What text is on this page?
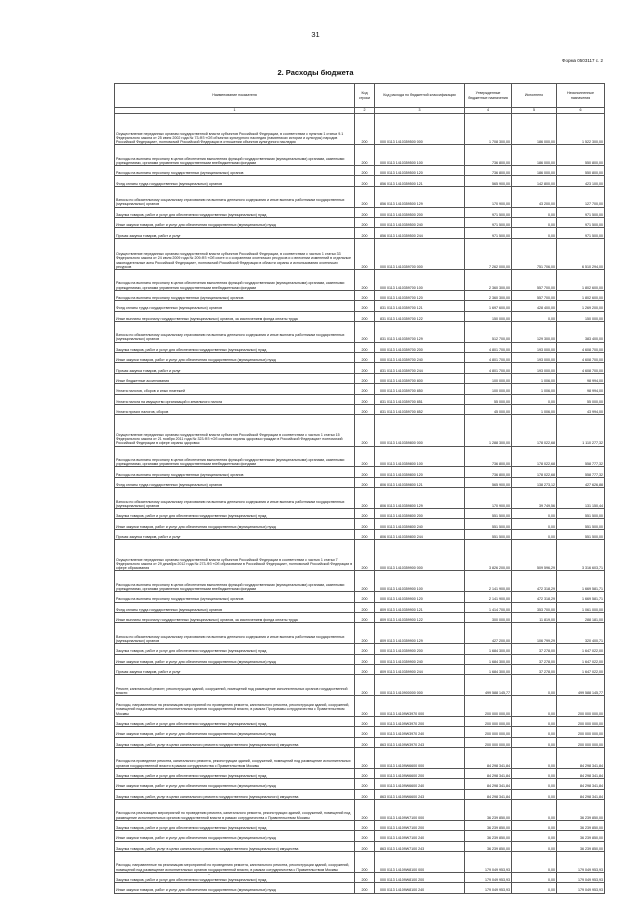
31
Форма 0503117 с. 2
2. Расходы бюджета
Наименование показателя	Код строки	Код расхода по бюджетной классификации	Утвержденные бюджетные назначения	Исполнено	Неисполненные назначения
1	2	3	4	5	6
Осуществление переданных органам государственной власти субъектов Российской Федерации, в соответствии с пунктом 1 статьи 9.1 Федерального закона от 25 июня 2002 года № 73-ФЗ «Об объектах культурного наследия (памятниках истории и культуры) народов Российской Федерации», полномочий Российской Федерации в отношении объектов культурного наследия	200	000 0113 1410359500 000	1 708 300,00	186 000,00	1 522 300,00
Расходы на выплаты персоналу в целях обеспечения выполнения функций государственными (муниципальными) органами, казенными учреждениями, органами управления государственными внебюджетными фондами	200	000 0113 1410359500 100	736 800,00	186 000,00	550 800,00
Расходы на выплаты персоналу государственных (муниципальных) органов	200	000 0113 1410359500 120	736 800,00	186 000,00	550 800,00
Фонд оплаты труда государственных (муниципальных) органов	200	856 0113 1410359500 121	565 900,00	142 800,00	423 100,00
Взносы по обязательному социальному страхованию на выплаты денежного содержания и иные выплаты работникам государственных (муниципальных) органов	200	856 0113 1410359500 129	170 900,00	43 200,00	127 700,00
Закупка товаров, работ и услуг для обеспечения государственных (муниципальных) нужд	200	000 0113 1410359500 200	971 500,00	0,00	971 500,00
Иные закупки товаров, работ и услуг для обеспечения государственных (муниципальных) нужд	200	000 0113 1410359500 240	971 500,00	0,00	971 500,00
Прочая закупка товаров, работ и услуг	200	856 0113 1410359500 244	971 500,00	0,00	971 500,00
Осуществление переданных органам государственной власти субъектов Российской Федерации, в соответствии с частью 1 статьи 33 Федерального закона от 24 июля 2009 года № 209-ФЗ «Об охоте и о сохранении охотничьих ресурсов и о внесении изменений в отдельные законодательные акты Российской Федерации», полномочий Российской Федерации в области охраны и использования охотничьих ресурсов	200	000 0113 1410359700 000	7 262 000,00	751 706,00	6 510 294,00
Расходы на выплаты персоналу в целях обеспечения выполнения функций государственными (муниципальными) органами, казенными учреждениями, органами управления государственными внебюджетными фондами	200	000 0113 1410359700 100	2 360 300,00	557 700,00	1 802 600,00
Расходы на выплаты персоналу государственных (муниципальных) органов	200	000 0113 1410359700 120	2 360 300,00	557 700,00	1 802 600,00
Фонд оплаты труда государственных (муниципальных) органов	200	831 0113 1410359700 121	1 697 600,00	428 400,00	1 269 200,00
Иные выплаты персоналу государственных (муниципальных) органов, за исключением фонда оплаты труда	200	831 0113 1410359700 122	150 000,00	0,00	150 000,00
Взносы по обязательному социальному страхованию на выплаты денежного содержания и иные выплаты работникам государственных (муниципальных) органов	200	831 0113 1410359700 129	512 700,00	129 300,00	383 400,00
Закупка товаров, работ и услуг для обеспечения государственных (муниципальных) нужд	200	000 0113 1410359700 200	4 801 700,00	193 000,00	4 608 700,00
Иные закупки товаров, работ и услуг для обеспечения государственных (муниципальных) нужд	200	000 0113 1410359700 240	4 801 700,00	193 000,00	4 608 700,00
Прочая закупка товаров, работ и услуг	200	831 0113 1410359700 244	4 801 700,00	193 000,00	4 608 700,00
Иные бюджетные ассигнования	200	000 0113 1410359700 800	100 000,00	1 006,00	98 994,00
Уплата налогов, сборов и иных платежей	200	000 0113 1410359700 850	100 000,00	1 006,00	98 994,00
Уплата налога на имущество организаций и земельного налога	200	831 0113 1410359700 851	55 000,00	0,00	55 000,00
Уплата прочих налогов, сборов	200	831 0113 1410359700 852	45 000,00	1 006,00	43 994,00
Осуществление переданных органам государственной власти субъектов Российской Федерации в соответствии с частью 1 статьи 15 Федерального закона от 21 ноября 2011 года № 323-ФЗ «Об основах охраны здоровья граждан в Российской Федерации» полномочий Российской Федерации в сфере охраны здоровья	200	000 0113 1410359800 000	1 288 300,00	178 022,68	1 110 277,32
Расходы на выплаты персоналу в целях обеспечения выполнения функций государственными (муниципальными) органами, казенными учреждениями, органами управления государственными внебюджетными фондами	200	000 0113 1410359800 100	736 800,00	178 022,68	558 777,32
Расходы на выплаты персоналу государственных (муниципальных) органов	200	000 0113 1410359800 120	736 800,00	178 022,68	558 777,32
Фонд оплаты труда государственных (муниципальных) органов	200	806 0113 1410359800 121	565 900,00	138 273,12	427 626,88
Взносы по обязательному социальному страхованию на выплаты денежного содержания и иные выплаты работникам государственных (муниципальных) органов	200	806 0113 1410359800 129	170 900,00	39 749,56	131 150,44
Закупка товаров, работ и услуг для обеспечения государственных (муниципальных) нужд	200	000 0113 1410359800 200	551 500,00	0,00	551 500,00
Иные закупки товаров, работ и услуг для обеспечения государственных (муниципальных) нужд	200	000 0113 1410359800 240	551 500,00	0,00	551 500,00
Прочая закупка товаров, работ и услуг	200	806 0113 1410359800 244	551 500,00	0,00	551 500,00
Осуществление переданных органам государственной власти субъектов Российской Федерации в соответствии с частью 1 статьи 7 Федерального закона от 29 декабря 2012 года № 273-ФЗ «Об образовании в Российской Федерации», полномочий Российской Федерации в сфере образования	200	000 0113 1410359900 000	3 826 200,00	509 596,29	3 316 603,71
Расходы на выплаты персоналу в целях обеспечения выполнения функций государственными (муниципальными) органами, казенными учреждениями, органами управления государственными внебюджетными фондами	200	000 0113 1410359900 100	2 141 900,00	472 318,29	1 669 581,71
Расходы на выплаты персоналу государственных (муниципальных) органов	200	000 0113 1410359900 120	2 141 900,00	472 318,29	1 669 581,71
Фонд оплаты труда государственных (муниципальных) органов	200	809 0113 1410359900 121	1 414 700,00	353 700,00	1 061 000,00
Иные выплаты персоналу государственных (муниципальных) органов, за исключением фонда оплаты труда	200	809 0113 1410359900 122	300 000,00	11 819,00	288 181,00
Взносы по обязательному социальному страхованию на выплаты денежного содержания и иные выплаты работникам государственных (муниципальных) органов	200	809 0113 1410359900 129	427 200,00	106 799,29	320 400,71
Закупка товаров, работ и услуг для обеспечения государственных (муниципальных) нужд	200	000 0113 1410359900 200	1 684 300,00	37 278,00	1 647 022,00
Иные закупки товаров, работ и услуг для обеспечения государственных (муниципальных) нужд	200	000 0113 1410359900 240	1 684 300,00	37 278,00	1 647 022,00
Прочая закупка товаров, работ и услуг	200	809 0113 1410359900 244	1 684 300,00	37 278,00	1 647 022,00
Ремонт, капитальный ремонт, реконструкция зданий, сооружений, помещений под размещение исполнительных органов государственной власти	200	000 0113 1410900000 000	499 588 145,77	0,00	499 588 145,77
Расходы, направленные на реализацию мероприятий по проведению ремонта, капитального ремонта, реконструкции зданий, сооружений, помещений под размещение исполнительных органов государственной власти, в рамках Программы сотрудничества с Правительством Москвы	200	000 0113 14109W3970 000	200 000 000,00	0,00	200 000 000,00
Закупка товаров, работ и услуг для обеспечения государственных (муниципальных) нужд	200	000 0113 14109W3970 200	200 000 000,00	0,00	200 000 000,00
Иные закупки товаров, работ и услуг для обеспечения государственных (муниципальных) нужд	200	000 0113 14109W3970 240	200 000 000,00	0,00	200 000 000,00
Закупка товаров, работ, услуг в целях капитального ремонта государственного (муниципального) имущества	200	863 0113 14109W3970 243	200 000 000,00	0,00	200 000 000,00
Расходы на проведение ремонта, капитального ремонта, реконструкции зданий, сооружений, помещений под размещение исполнительных органов государственной власти в рамках сотрудничества с Правительством Москвы	200	000 0113 14109W6600 000	84 298 341,84	0,00	84 298 341,84
Закупка товаров, работ и услуг для обеспечения государственных (муниципальных) нужд	200	000 0113 14109W6600 200	84 298 341,84	0,00	84 298 341,84
Иные закупки товаров, работ и услуг для обеспечения государственных (муниципальных) нужд	200	000 0113 14109W6600 240	84 298 341,84	0,00	84 298 341,84
Закупка товаров, работ, услуг в целях капитального ремонта государственного (муниципального) имущества	200	863 0113 14109W6600 243	84 298 341,84	0,00	84 298 341,84
Расходы на реализацию мероприятий по проведению ремонта, капитального ремонта, реконструкции зданий, сооружений, помещений под размещение исполнительных органов государственной власти в рамках сотрудничества с Правительством Москвы	200	000 0113 14109W7100 000	36 239 850,00	0,00	36 239 850,00
Закупка товаров, работ и услуг для обеспечения государственных (муниципальных) нужд	200	000 0113 14109W7100 200	36 239 850,00	0,00	36 239 850,00
Иные закупки товаров, работ и услуг для обеспечения государственных (муниципальных) нужд	200	000 0113 14109W7100 240	36 239 850,00	0,00	36 239 850,00
Закупка товаров, работ, услуг в целях капитального ремонта государственного (муниципального) имущества	200	863 0113 14109W7100 243	36 239 850,00	0,00	36 239 850,00
Расходы, направленные на реализацию мероприятий по проведению ремонта, капитального ремонта, реконструкции зданий, сооружений, помещений под размещение исполнительных органов государственной власти, в рамках сотрудничества с Правительством Москвы	200	000 0113 14109W8100 000	179 049 953,93	0,00	179 049 953,93
Закупка товаров, работ и услуг для обеспечения государственных (муниципальных) нужд	200	000 0113 14109W8100 200	179 049 953,93	0,00	179 049 953,93
Иные закупки товаров, работ и услуг для обеспечения государственных (муниципальных) нужд	200	000 0113 14109W8100 240	179 049 953,93	0,00	179 049 953,93
-
